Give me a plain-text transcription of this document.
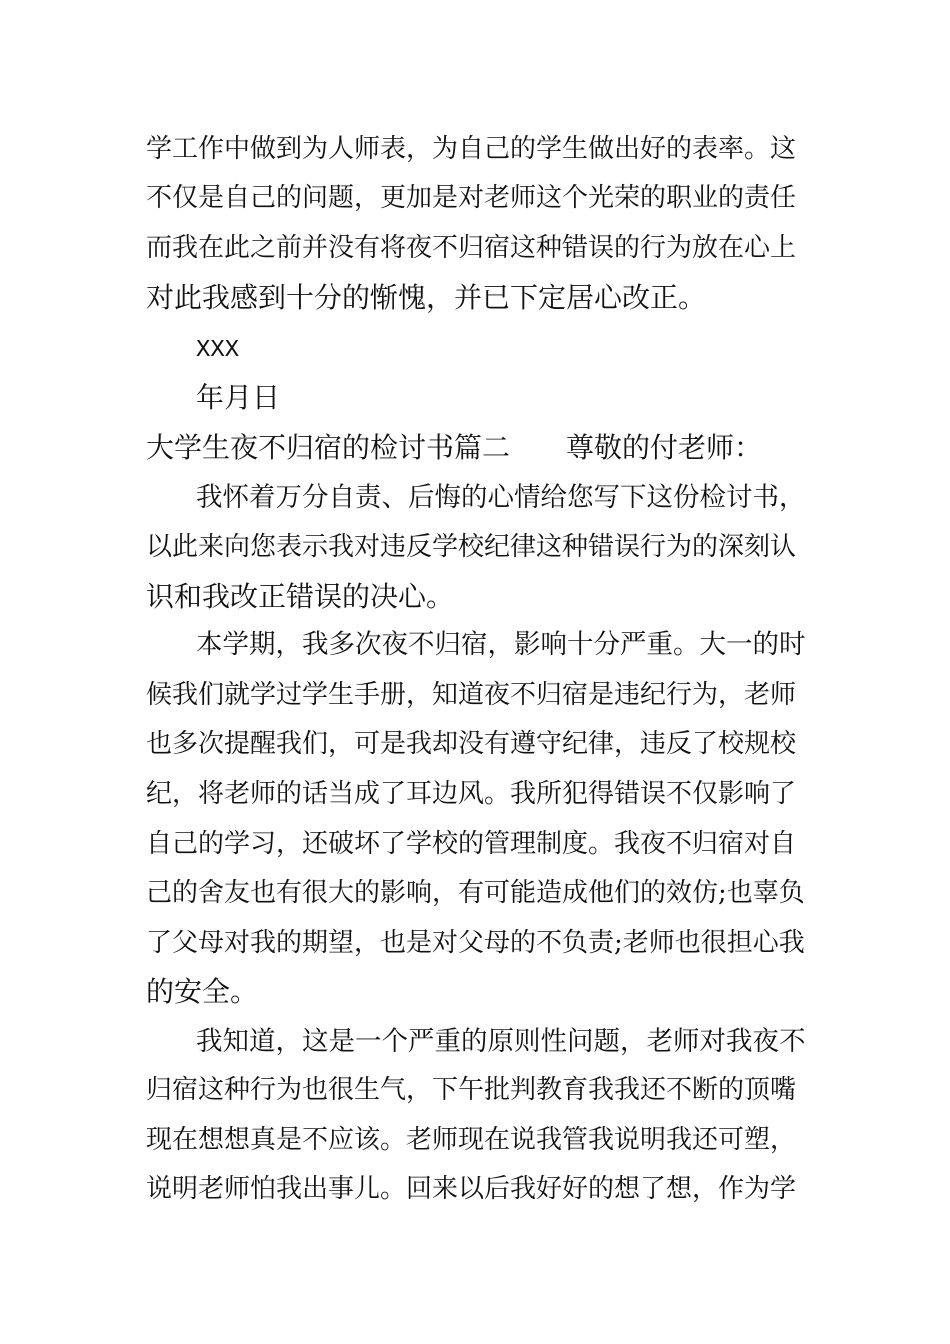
学工作中做到为人师表，为自己的学生做出好的表率。这

不仅是自己的问题，更加是对老师这个光荣的职业的责任

而我在此之前并没有将夜不归宿这种错误的行为放在心上

对此我感到十分的惭愧，并已下定居心改正。

XXX

年月日

大学生夜不归宿的检讨书篇二 尊敬的付老师：

我怀着万分自责、后悔的心情给您写下这份检讨书，

以此来向您表示我对违反学校纪律这种错误行为的深刻认

识和我改正错误的决心。

本学期，我多次夜不归宿，影响十分严重。大一的时

候我们就学过学生手册，知道夜不归宿是违纪行为，老师

也多次提醒我们，可是我却没有遵守纪律，违反了校规校

纪，将老师的话当成了耳边风。我所犯得错误不仅影响了

自己的学习，还破坏了学校的管理制度。我夜不归宿对自

己的舍友也有很大的影响，有可能造成他们的效仿;也辜负

了父母对我的期望，也是对父母的不负责;老师也很担心我

的安全。

我知道，这是一个严重的原则性问题，老师对我夜不

归宿这种行为也很生气，下午批判教育我我还不断的顶嘴

现在想想真是不应该。老师现在说我管我说明我还可塑，

说明老师怕我出事儿。回来以后我好好的想了想，作为学
